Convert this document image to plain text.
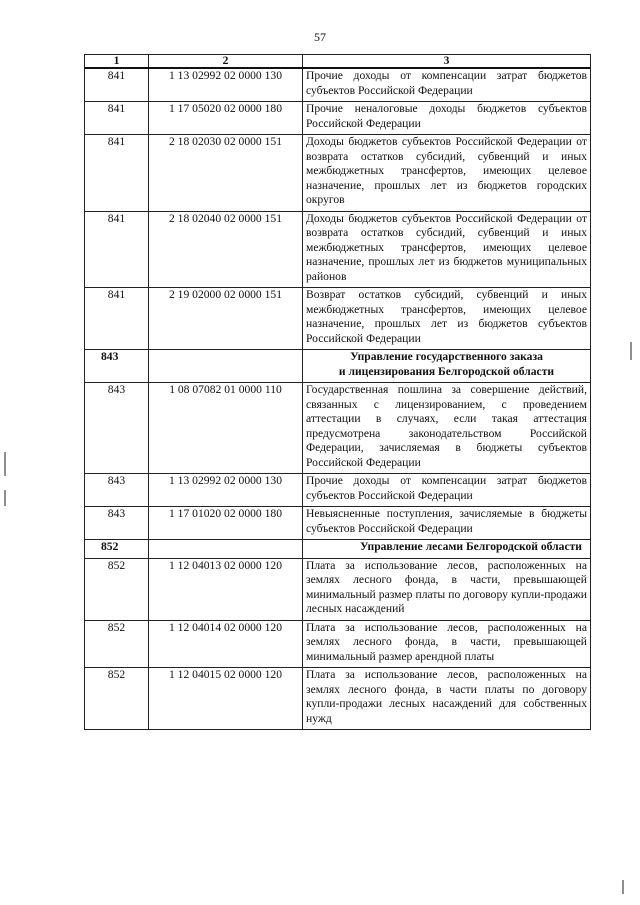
57
1	2	3
841	1 13 02992 02 0000 130	Прочие доходы от компенсации затрат бюджетов субъектов Российской Федерации
841	1 17 05020 02 0000 180	Прочие неналоговые доходы бюджетов субъектов Российской Федерации
841	2 18 02030 02 0000 151	Доходы бюджетов субъектов Российской Федерации от возврата остатков субсидий, субвенций и иных межбюджетных трансфертов, имеющих целевое назначение, прошлых лет из бюджетов городских округов
841	2 18 02040 02 0000 151	Доходы бюджетов субъектов Российской Федерации от возврата остатков субсидий, субвенций и иных межбюджетных трансфертов, имеющих целевое назначение, прошлых лет из бюджетов муниципальных районов
841	2 19 02000 02 0000 151	Возврат остатков субсидий, субвенций и иных межбюджетных трансфертов, имеющих целевое назначение, прошлых лет из бюджетов субъектов Российской Федерации
843		Управление государственного заказа
и лицензирования Белгородской области

843	1 08 07082 01 0000 110	Государственная пошлина за совершение действий, связанных с лицензированием, с проведением аттестации в случаях, если такая аттестация предусмотрена законодательством Российской Федерации, зачисляемая в бюджеты субъектов Российской Федерации
843	1 13 02992 02 0000 130	Прочие доходы от компенсации затрат бюджетов субъектов Российской Федерации
843	1 17 01020 02 0000 180	Невыясненные поступления, зачисляемые в бюджеты субъектов Российской Федерации
852		Управление лесами Белгородской области

852	1 12 04013 02 0000 120	Плата за использование лесов, расположенных на землях лесного фонда, в части, превышающей минимальный размер платы по договору купли-продажи лесных насаждений
852	1 12 04014 02 0000 120	Плата за использование лесов, расположенных на землях лесного фонда, в части, превышающей минимальный размер арендной платы
852	1 12 04015 02 0000 120	Плата за использование лесов, расположенных на землях лесного фонда, в части платы по договору купли-продажи лесных насаждений для собственных нужд
